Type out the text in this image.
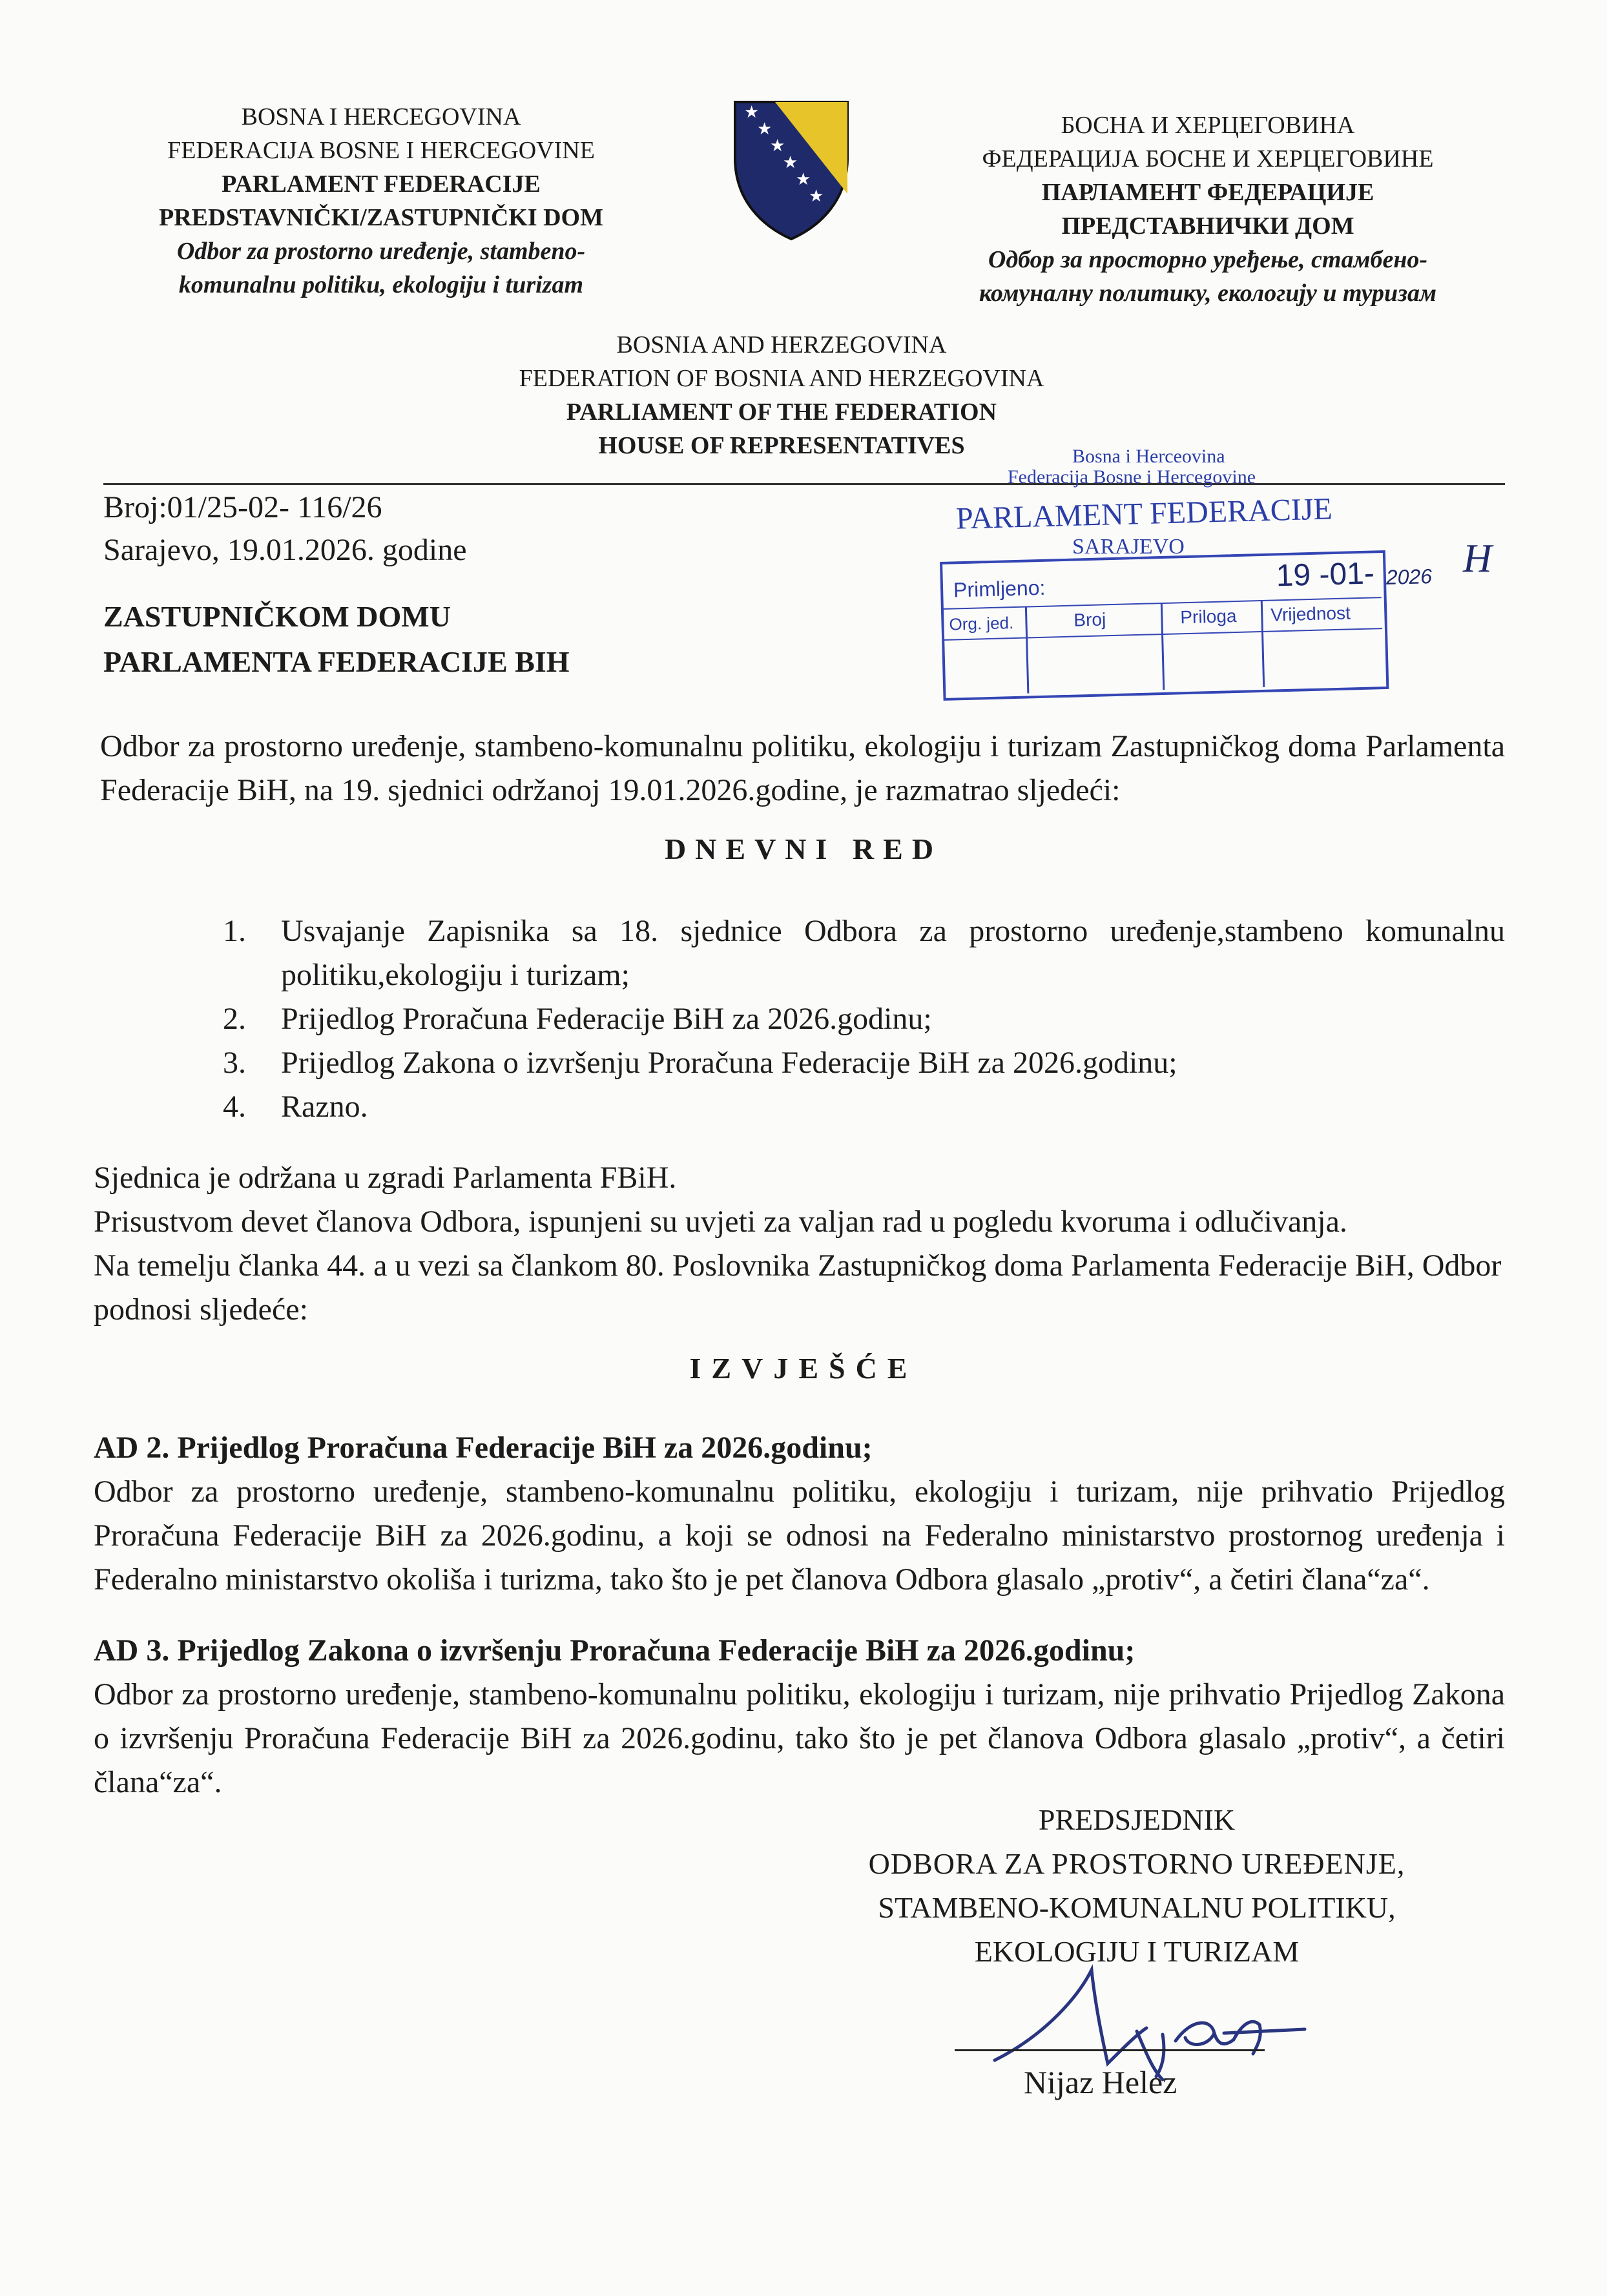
BOSNA I HERCEGOVINA
FEDERACIJA BOSNE I HERCEGOVINE
PARLAMENT FEDERACIJE
PREDSTAVNIČKI/ZASTUPNIČKI DOM
Odbor za prostorno uređenje, stambeno-
komunalnu politiku, ekologiju i turizam
★
★
★
★
★
★
БОСНА И ХЕРЦЕГОВИНА
ФЕДЕРАЦИЈА БОСНЕ И ХЕРЦЕГОВИНЕ
ПАРЛАМЕНТ ФЕДЕРАЦИЈЕ
ПРЕДСТАВНИЧКИ ДОМ
Одбор за просторно уређење, стамбено-
комуналну политику, екологију и туризам
BOSNIA AND HERZEGOVINA
FEDERATION OF BOSNIA AND HERZEGOVINA
PARLIAMENT OF THE FEDERATION
HOUSE OF REPRESENTATIVES
Broj:01/25-02- 116/26
Sarajevo, 19.01.2026. godine
ZASTUPNIČKOM DOMU
PARLAMENTA FEDERACIJE BIH
Bosna i Herceovina
Federacija Bosne i Hercegovine
PARLAMENT FEDERACIJE
SARAJEVO
Primljeno:	19 -01- 2026
Org. jed.	Broj	Priloga Vrijednost
H
Odbor za prostorno uređenje, stambeno-komunalnu politiku, ekologiju i turizam Zastupničkog doma Parlamenta Federacije BiH, na 19. sjednici održanoj 19.01.2026.godine, je razmatrao sljedeći:
DNEVNI RED
1. Usvajanje Zapisnika sa 18. sjednice Odbora za prostorno uređenje,stambeno komunalnu politiku,ekologiju i turizam;
2. Prijedlog Proračuna Federacije BiH za 2026.godinu;
3. Prijedlog Zakona o izvršenju Proračuna Federacije BiH za 2026.godinu;
4. Razno.
Sjednica je održana u zgradi Parlamenta FBiH.
Prisustvom devet članova Odbora, ispunjeni su uvjeti za valjan rad u pogledu kvoruma i odlučivanja.
Na temelju članka 44. a u vezi sa člankom 80. Poslovnika Zastupničkog doma Parlamenta Federacije BiH, Odbor podnosi sljedeće:
IZVJEŠĆE
AD 2. Prijedlog Proračuna Federacije BiH za 2026.godinu;
Odbor za prostorno uređenje, stambeno-komunalnu politiku, ekologiju i turizam, nije prihvatio Prijedlog Proračuna Federacije BiH za 2026.godinu, a koji se odnosi na Federalno ministarstvo prostornog uređenja i Federalno ministarstvo okoliša i turizma, tako što je pet članova Odbora glasalo „protiv“, a četiri člana“za“.
AD 3. Prijedlog Zakona o izvršenju Proračuna Federacije BiH za 2026.godinu;
Odbor za prostorno uređenje, stambeno-komunalnu politiku, ekologiju i turizam, nije prihvatio Prijedlog Zakona o izvršenju Proračuna Federacije BiH za 2026.godinu, tako što je pet članova Odbora glasalo „protiv“, a četiri člana“za“.
PREDSJEDNIK
ODBORA ZA PROSTORNO UREĐENJE,
STAMBENO-KOMUNALNU POLITIKU,
EKOLOGIJU I TURIZAM
Nijaz Helez
